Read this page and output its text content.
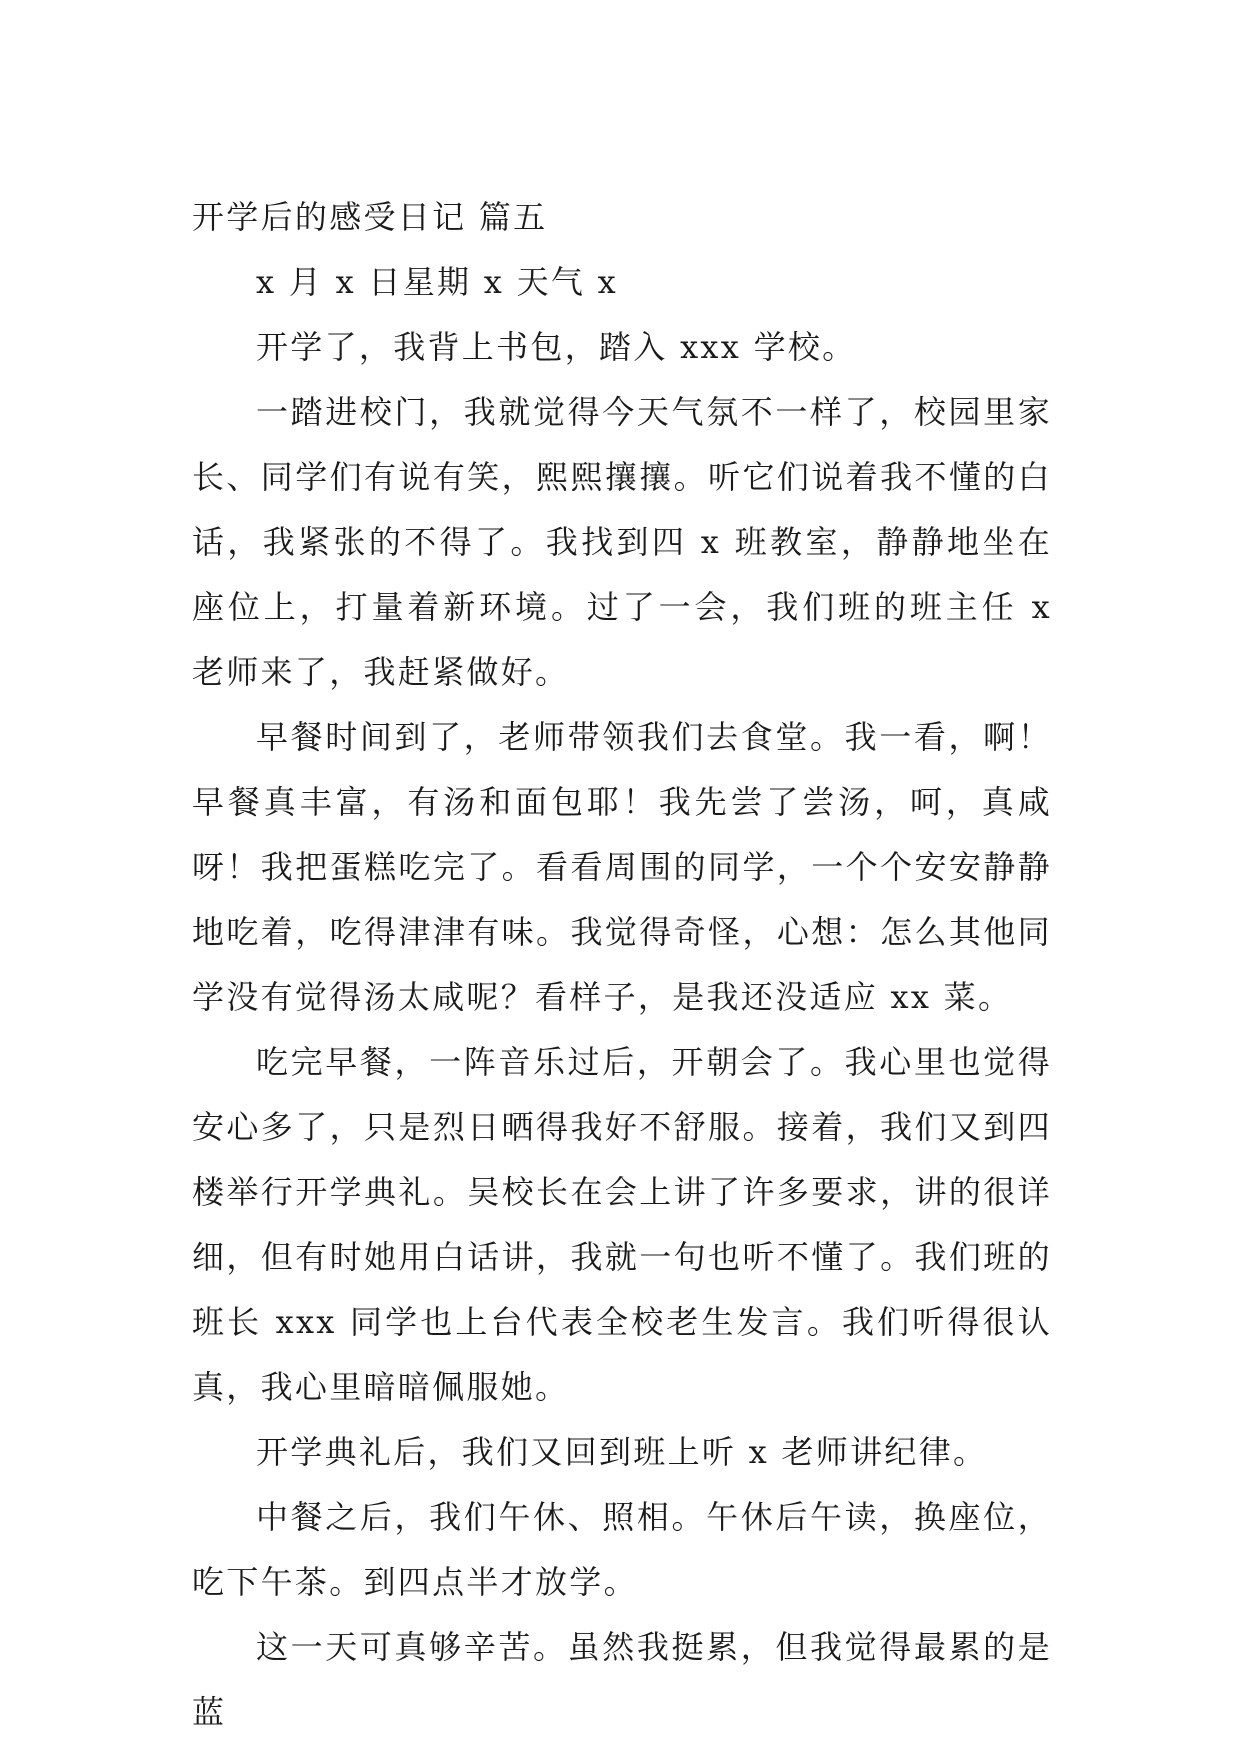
开学后的感受日记 篇五

x 月 x 日星期 x 天气 x

开学了，我背上书包，踏入 xxx 学校。

一踏进校门，我就觉得今天气氛不一样了，校园里家长、同学们有说有笑，熙熙攘攘。听它们说着我不懂的白话，我紧张的不得了。我找到四 x 班教室，静静地坐在座位上，打量着新环境。过了一会，我们班的班主任 x 老师来了，我赶紧做好。

早餐时间到了，老师带领我们去食堂。我一看，啊！早餐真丰富，有汤和面包耶！我先尝了尝汤，呵，真咸呀！我把蛋糕吃完了。看看周围的同学，一个个安安静静地吃着，吃得津津有味。我觉得奇怪，心想：怎么其他同学没有觉得汤太咸呢？看样子，是我还没适应 xx 菜。

吃完早餐，一阵音乐过后，开朝会了。我心里也觉得安心多了，只是烈日晒得我好不舒服。接着，我们又到四楼举行开学典礼。吴校长在会上讲了许多要求，讲的很详细，但有时她用白话讲，我就一句也听不懂了。我们班的班长 xxx 同学也上台代表全校老生发言。我们听得很认真，我心里暗暗佩服她。

开学典礼后，我们又回到班上听 x 老师讲纪律。

中餐之后，我们午休、照相。午休后午读，换座位，吃下午茶。到四点半才放学。

这一天可真够辛苦。虽然我挺累，但我觉得最累的是蓝
